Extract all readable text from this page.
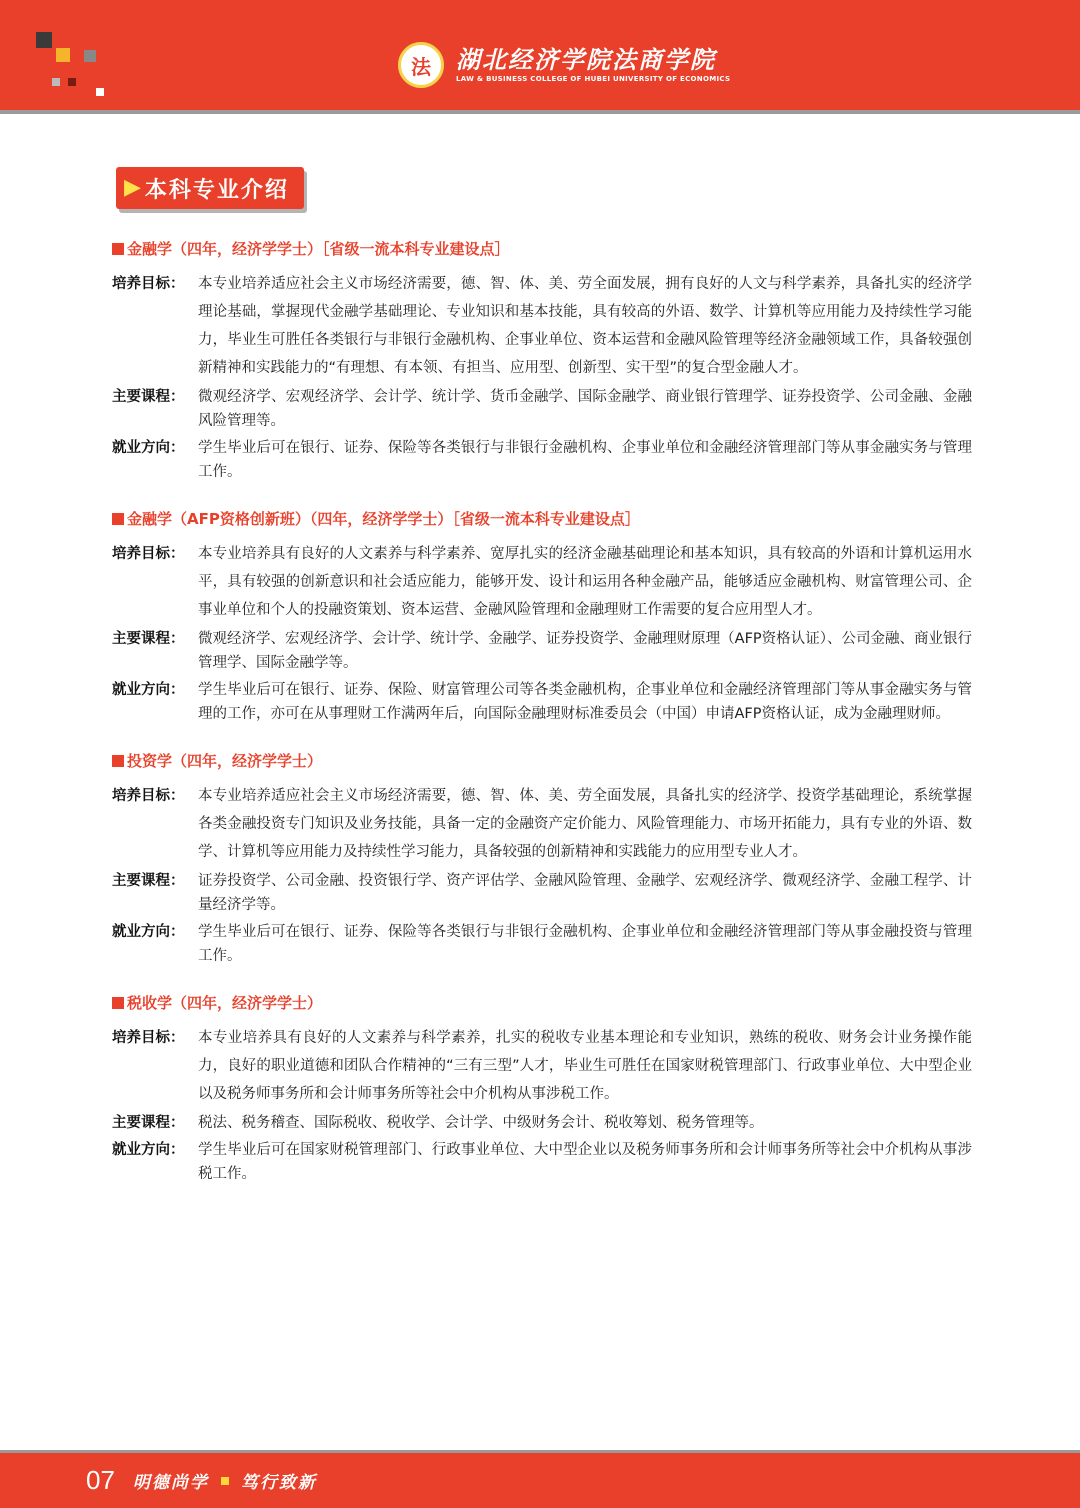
法	湖北经济学院法商学院
LAW & BUSINESS COLLEGE OF HUBEI UNIVERSITY OF ECONOMICS
▶ 本科专业介绍
金融学（四年，经济学学士）［省级一流本科专业建设点］
培养目标： 本专业培养适应社会主义市场经济需要，德、智、体、美、劳全面发展，拥有良好的人文与科学素养，具备扎实的经济学理论基础，掌握现代金融学基础理论、专业知识和基本技能，具有较高的外语、数学、计算机等应用能力及持续性学习能力，毕业生可胜任各类银行与非银行金融机构、企事业单位、资本运营和金融风险管理等经济金融领域工作，具备较强创新精神和实践能力的“有理想、有本领、有担当、应用型、创新型、实干型”的复合型金融人才。
主要课程： 微观经济学、宏观经济学、会计学、统计学、货币金融学、国际金融学、商业银行管理学、证券投资学、公司金融、金融风险管理等。
就业方向： 学生毕业后可在银行、证券、保险等各类银行与非银行金融机构、企事业单位和金融经济管理部门等从事金融实务与管理工作。
金融学（AFP资格创新班）（四年，经济学学士）［省级一流本科专业建设点］
培养目标： 本专业培养具有良好的人文素养与科学素养、宽厚扎实的经济金融基础理论和基本知识，具有较高的外语和计算机运用水平，具有较强的创新意识和社会适应能力，能够开发、设计和运用各种金融产品，能够适应金融机构、财富管理公司、企事业单位和个人的投融资策划、资本运营、金融风险管理和金融理财工作需要的复合应用型人才。
主要课程： 微观经济学、宏观经济学、会计学、统计学、金融学、证券投资学、金融理财原理（AFP资格认证）、公司金融、商业银行管理学、国际金融学等。
就业方向： 学生毕业后可在银行、证券、保险、财富管理公司等各类金融机构，企事业单位和金融经济管理部门等从事金融实务与管理的工作，亦可在从事理财工作满两年后，向国际金融理财标准委员会（中国）申请AFP资格认证，成为金融理财师。
投资学（四年，经济学学士）
培养目标： 本专业培养适应社会主义市场经济需要，德、智、体、美、劳全面发展，具备扎实的经济学、投资学基础理论，系统掌握各类金融投资专门知识及业务技能，具备一定的金融资产定价能力、风险管理能力、市场开拓能力，具有专业的外语、数学、计算机等应用能力及持续性学习能力，具备较强的创新精神和实践能力的应用型专业人才。
主要课程： 证券投资学、公司金融、投资银行学、资产评估学、金融风险管理、金融学、宏观经济学、微观经济学、金融工程学、计量经济学等。
就业方向： 学生毕业后可在银行、证券、保险等各类银行与非银行金融机构、企事业单位和金融经济管理部门等从事金融投资与管理工作。
税收学（四年，经济学学士）
培养目标： 本专业培养具有良好的人文素养与科学素养，扎实的税收专业基本理论和专业知识，熟练的税收、财务会计业务操作能力，良好的职业道德和团队合作精神的“三有三型”人才，毕业生可胜任在国家财税管理部门、行政事业单位、大中型企业以及税务师事务所和会计师事务所等社会中介机构从事涉税工作。
主要课程： 税法、税务稽查、国际税收、税收学、会计学、中级财务会计、税收筹划、税务管理等。
就业方向： 学生毕业后可在国家财税管理部门、行政事业单位、大中型企业以及税务师事务所和会计师事务所等社会中介机构从事涉税工作。
07 明德尚学 笃行致新
